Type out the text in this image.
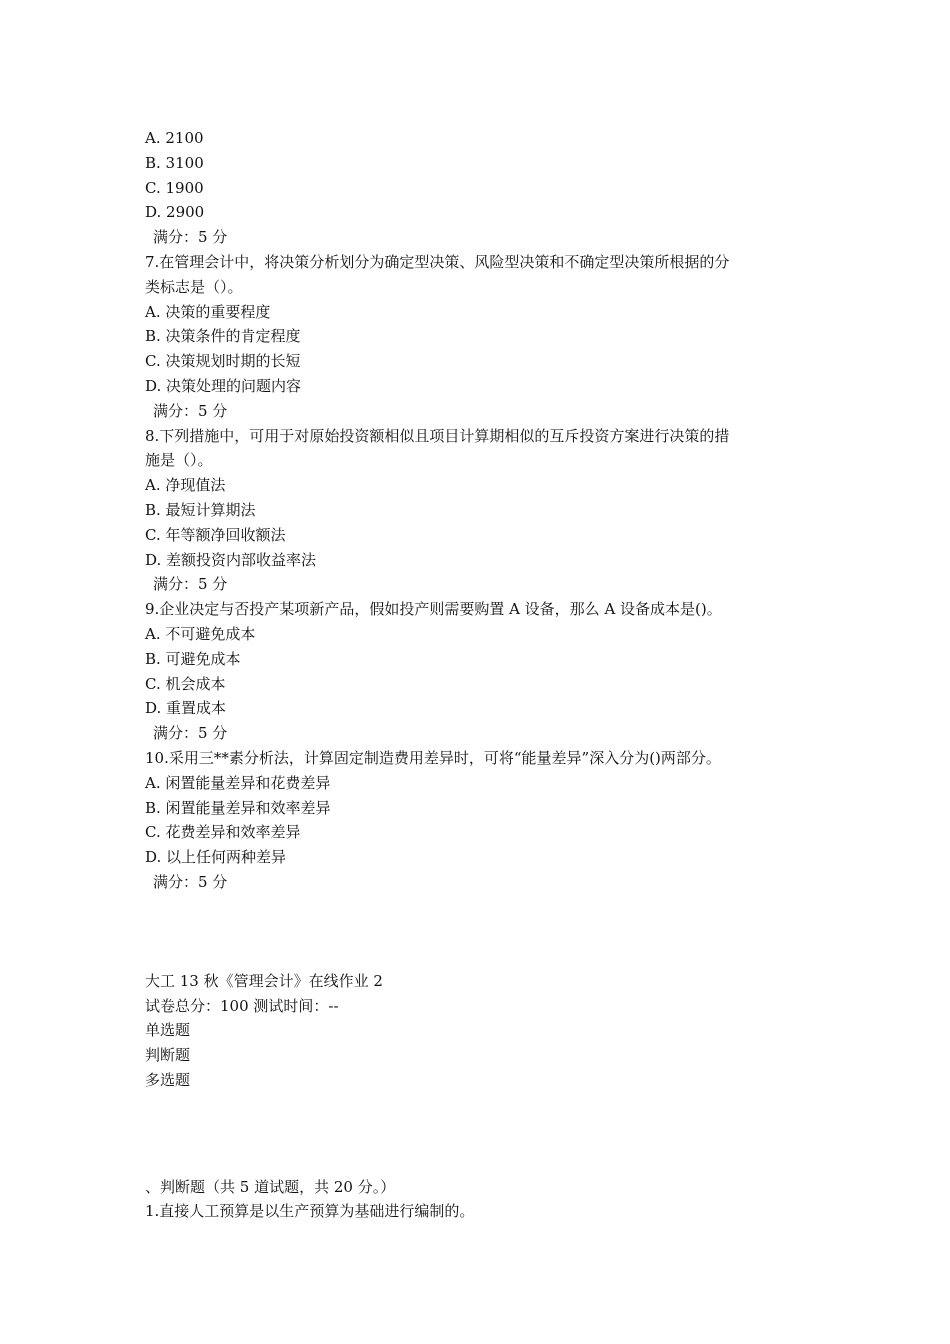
A. 2100
B. 3100
C. 1900
D. 2900
满分：5 分
7.在管理会计中，将决策分析划分为确定型决策、风险型决策和不确定型决策所根据的分
类标志是（）。
A. 决策的重要程度
B. 决策条件的肯定程度
C. 决策规划时期的长短
D. 决策处理的问题内容
满分：5 分
8.下列措施中，可用于对原始投资额相似且项目计算期相似的互斥投资方案进行决策的措
施是（）。
A. 净现值法
B. 最短计算期法
C. 年等额净回收额法
D. 差额投资内部收益率法
满分：5 分
9.企业决定与否投产某项新产品，假如投产则需要购置 A 设备，那么 A 设备成本是()。
A. 不可避免成本
B. 可避免成本
C. 机会成本
D. 重置成本
满分：5 分
10.采用三**素分析法，计算固定制造费用差异时，可将“能量差异”深入分为()两部分。
A. 闲置能量差异和花费差异
B. 闲置能量差异和效率差异
C. 花费差异和效率差异
D. 以上任何两种差异
满分：5 分
大工 13 秋《管理会计》在线作业 2
试卷总分：100 测试时间：--
单选题
判断题
多选题
、判断题（共 5 道试题，共 20 分。）
1.直接人工预算是以生产预算为基础进行编制的。
